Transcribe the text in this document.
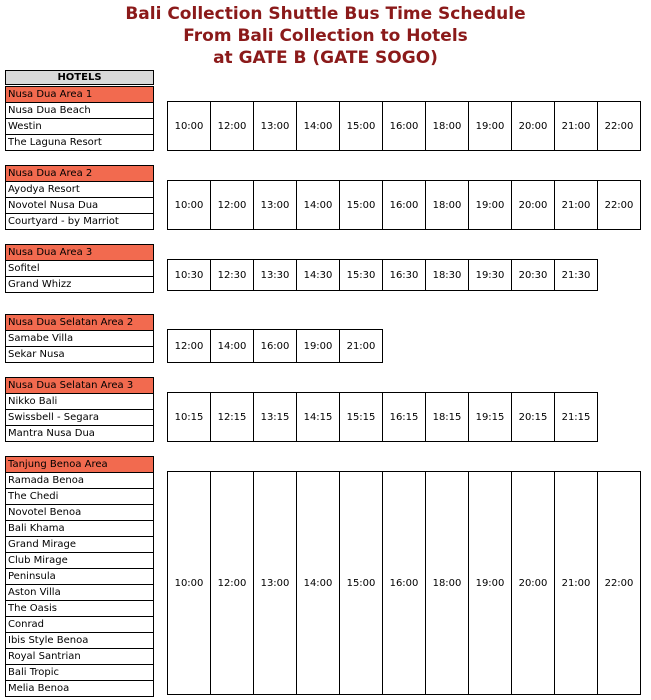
Bali Collection Shuttle Bus Time Schedule
From Bali Collection to Hotels
at GATE B (GATE SOGO)
HOTELS
Nusa Dua Area 1
Nusa Dua Beach
Westin
The Laguna Resort
10:00	12:00	13:00	14:00	15:00	16:00	18:00	19:00	20:00	21:00	22:00
Nusa Dua Area 2
Ayodya Resort
Novotel Nusa Dua
Courtyard - by Marriot
10:00	12:00	13:00	14:00	15:00	16:00	18:00	19:00	20:00	21:00	22:00
Nusa Dua Area 3
Sofitel
Grand Whizz
10:30	12:30	13:30	14:30	15:30	16:30	18:30	19:30	20:30	21:30
Nusa Dua Selatan Area 2
Samabe Villa
Sekar Nusa
12:00	14:00	16:00	19:00	21:00
Nusa Dua Selatan Area 3
Nikko Bali
Swissbell - Segara
Mantra Nusa Dua
10:15	12:15	13:15	14:15	15:15	16:15	18:15	19:15	20:15	21:15
Tanjung Benoa Area
Ramada Benoa
The Chedi
Novotel Benoa
Bali Khama
Grand Mirage
Club Mirage
Peninsula
Aston Villa
The Oasis
Conrad
Ibis Style Benoa
Royal Santrian
Bali Tropic
Melia Benoa
10:00	12:00	13:00	14:00	15:00	16:00	18:00	19:00	20:00	21:00	22:00
